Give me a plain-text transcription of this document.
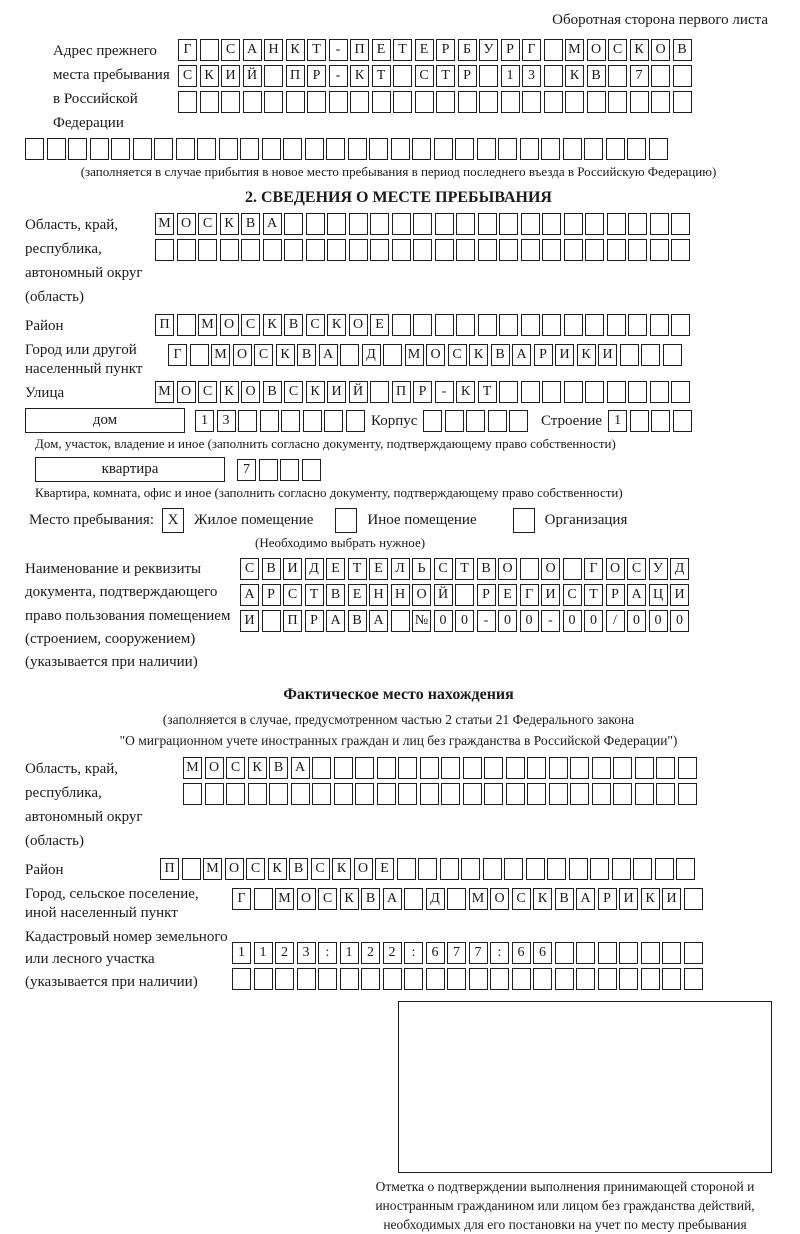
Оборотная сторона первого листа
Адрес прежнего места пребывания в Российской Федерации
Г	С А Н К Т	-	П Е Т Е Р Б У Р Г	М О С К О В
С К И Й	П Р	-	К Т	С Т Р	1	3	К В	7
(заполняется в случае прибытия в новое место пребывания в период последнего въезда в Российскую Федерацию)
2. СВЕДЕНИЯ О МЕСТЕ ПРЕБЫВАНИЯ
Область, край, республика, автономный округ (область)
М О С К В А
Район	П	М О С К В С К О Е
Город или другой населенный пункт
Г	М О С К В А	Д	М О С К В А Р И К И
Улица	М О С К О В С К И Й	П Р	-	К Т
дом	1	3	Корпус	Строение 1
Дом, участок, владение и иное (заполнить согласно документу, подтверждающему право собственности)
квартира	7
Квартира, комната, офис и иное (заполнить согласно документу, подтверждающему право собственности)
Место пребывания: X	Жилое помещение	Иное помещение	Организация
(Необходимо выбрать нужное)
Наименование и реквизиты документа, подтверждающего право пользования помещением (строением, сооружением) (указывается при наличии)
С В И Д Е Т Е Л Ь С Т В О	О	Г О С У Д
А Р С Т В Е Н Н О Й	Р Е Г И С Т Р А Ц И
И	П Р А В А	№ 0	0	-	0	0	-	0	0	/	0	0	0
Фактическое место нахождения
(заполняется в случае, предусмотренном частью 2 статьи 21 Федерального закона
"О миграционном учете иностранных граждан и лиц без гражданства в Российской Федерации")
Область, край, республика, автономный округ (область)
М О С К В А
Район	П	М О С К В С К О Е
Город, сельское поселение, иной населенный пункт
Г	М О С К В А	Д	М О С К В А Р И К И
Кадастровый номер земельного или лесного участка (указывается при наличии)
1	1	2	3	:	1	2	2	:	6	7	7	:	6	6
Отметка о подтверждении выполнения принимающей стороной и иностранным гражданином или лицом без гражданства действий, необходимых для его постановки на учет по месту пребывания
